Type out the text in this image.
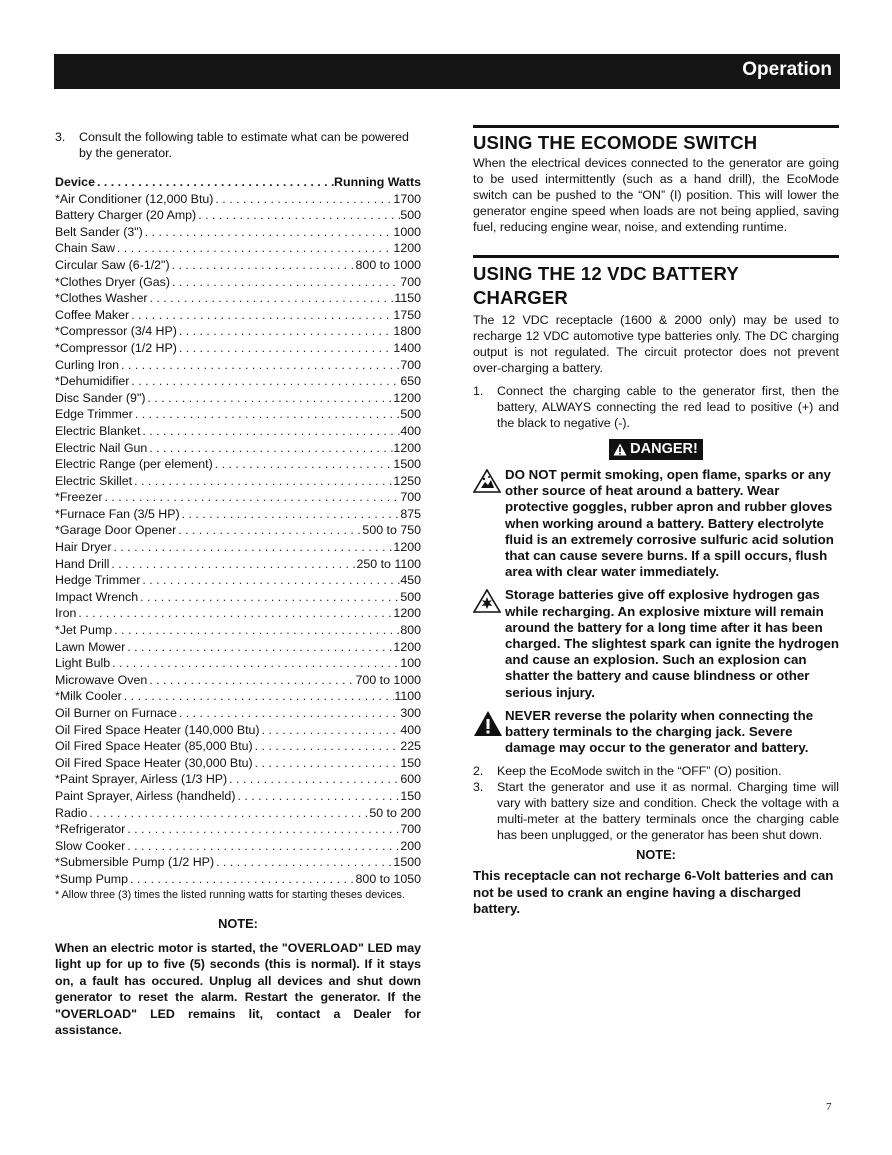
Operation
3.	Consult the following table to estimate what can be powered by the generator.
Device . . .	Running Watts
*Air Conditioner (12,000 Btu) . . .	1700
Battery Charger (20 Amp) . . .	500
Belt Sander (3") . . .	1000
Chain Saw . . .	1200
Circular Saw (6-1/2") . . .	800 to 1000
*Clothes Dryer (Gas) . . .	700
*Clothes Washer . . .	1150
Coffee Maker . . .	1750
*Compressor (3/4 HP) . . .	1800
*Compressor (1/2 HP) . . .	1400
Curling Iron . . .	700
*Dehumidifier . . .	650
Disc Sander (9") . . .	1200
Edge Trimmer . . .	500
Electric Blanket . . .	400
Electric Nail Gun . . .	1200
Electric Range (per element) . . .	1500
Electric Skillet . . .	1250
*Freezer . . .	700
*Furnace Fan (3/5 HP) . . .	875
*Garage Door Opener . . .	500 to 750
Hair Dryer . . .	1200
Hand Drill . . .	250 to 1100
Hedge Trimmer . . .	450
Impact Wrench . . .	500
Iron . . .	1200
*Jet Pump . . .	800
Lawn Mower . . .	1200
Light Bulb . . .	100
Microwave Oven . . .	700 to 1000
*Milk Cooler . . .	1100
Oil Burner on Furnace . . .	300
Oil Fired Space Heater (140,000 Btu) . . .	400
Oil Fired Space Heater (85,000 Btu) . . .	225
Oil Fired Space Heater (30,000 Btu) . . .	150
*Paint Sprayer, Airless (1/3 HP) . . .	600
Paint Sprayer, Airless (handheld) . . .	150
Radio . . .	50 to 200
*Refrigerator . . .	700
Slow Cooker . . .	200
*Submersible Pump (1/2 HP) . . .	1500
*Sump Pump . . .	800 to 1050
* Allow three (3) times the listed running watts for starting theses devices.
NOTE:
When an electric motor is started, the "OVERLOAD" LED may light up for up to five (5) seconds (this is normal). If it stays on, a fault has occured. Unplug all devices and shut down generator to reset the alarm. Restart the generator. If the "OVERLOAD" LED remains lit, contact a Dealer for assistance.
USING THE ECOMODE SWITCH
When the electrical devices connected to the generator are going to be used intermittently (such as a hand drill), the EcoMode switch can be pushed to the “ON” (I) position. This will lower the generator engine speed when loads are not being applied, saving fuel, reducing engine wear, noise, and extending runtime.
USING THE 12 VDC BATTERY
CHARGER
The 12 VDC receptacle (1600 & 2000 only) may be used to recharge 12 VDC automotive type batteries only. The DC charging output is not regulated. The circuit protector does not prevent over-charging a battery.
1.	Connect the charging cable to the generator first, then the battery, ALWAYS connecting the red lead to positive (+) and the black to negative (-).
DANGER!
DO NOT permit smoking, open flame, sparks or any other source of heat around a battery. Wear protective goggles, rubber apron and rubber gloves when working around a battery. Battery electrolyte fluid is an extremely corrosive sulfuric acid solution that can cause severe burns. If a spill occurs, flush area with clear water immediately.
Storage batteries give off explosive hydrogen gas while recharging. An explosive mixture will remain around the battery for a long time after it has been charged. The slightest spark can ignite the hydrogen and cause an explosion. Such an explosion can shatter the battery and cause blindness or other serious injury.
NEVER reverse the polarity when connecting the battery terminals to the charging jack. Severe damage may occur to the generator and battery.
2.	Keep the EcoMode switch in the “OFF” (O) position.
3.	Start the generator and use it as normal. Charging time will vary with battery size and condition. Check the voltage with a multi-meter at the battery terminals once the charging cable has been unplugged, or the generator has been shut down.
NOTE:
This receptacle can not recharge 6-Volt batteries and can not be used to crank an engine having a discharged battery.
7
